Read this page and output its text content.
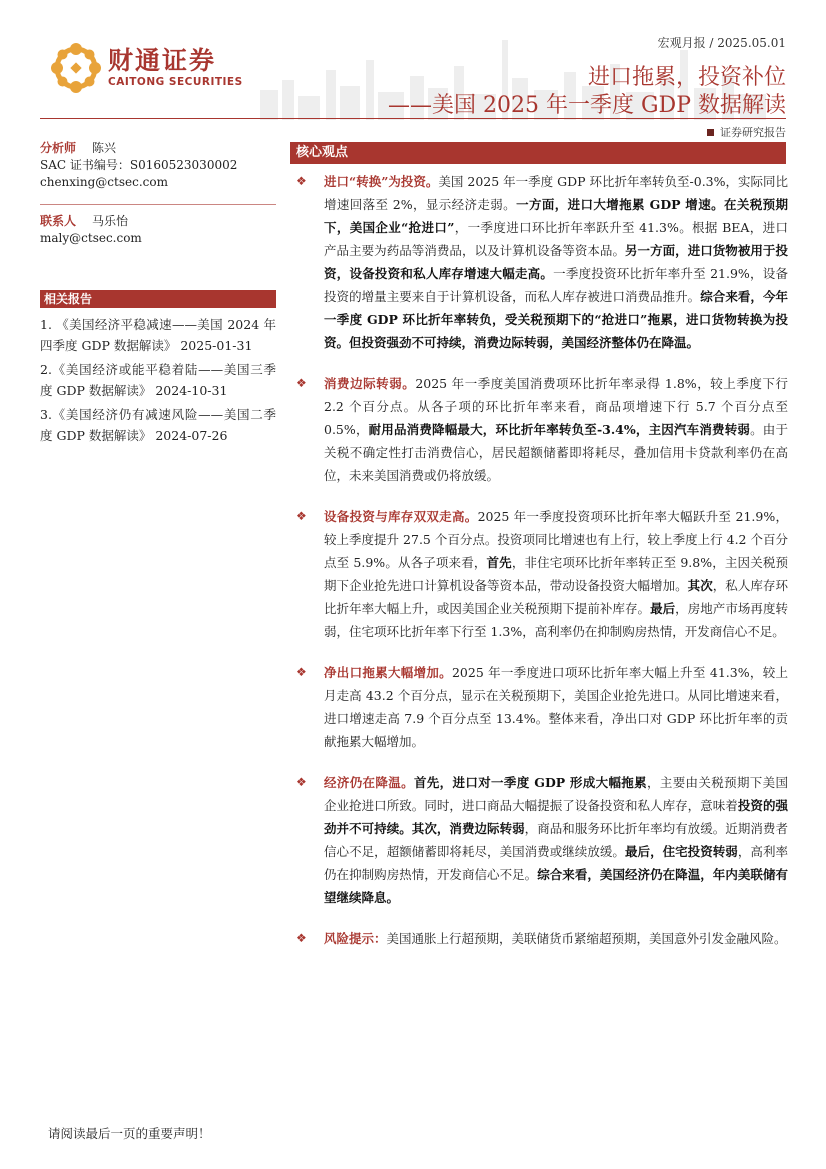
财通证券
CAITONG SECURITIES
宏观月报 / 2025.05.01
进口拖累，投资补位
——美国 2025 年一季度 GDP 数据解读
证券研究报告
分析师	陈兴
SAC 证书编号：S0160523030002
chenxing@ctsec.com
联系人	马乐怡
maly@ctsec.com
相关报告
1. 《美国经济平稳减速——美国 2024 年四季度 GDP 数据解读》 2025-01-31
2.《美国经济或能平稳着陆——美国三季度 GDP 数据解读》 2024-10-31
3.《美国经济仍有减速风险——美国二季度 GDP 数据解读》 2024-07-26
核心观点
❖	进口“转换”为投资。美国 2025 年一季度 GDP 环比折年率转负至-0.3%，实际同比增速回落至 2%，显示经济走弱。一方面，进口大增拖累 GDP 增速。在关税预期下，美国企业“抢进口”，一季度进口环比折年率跃升至 41.3%。根据 BEA，进口产品主要为药品等消费品，以及计算机设备等资本品。另一方面，进口货物被用于投资，设备投资和私人库存增速大幅走高。一季度投资环比折年率升至 21.9%，设备投资的增量主要来自于计算机设备，而私人库存被进口消费品推升。综合来看，今年一季度 GDP 环比折年率转负，受关税预期下的“抢进口”拖累，进口货物转换为投资。但投资强劲不可持续，消费边际转弱，美国经济整体仍在降温。
❖	消费边际转弱。2025 年一季度美国消费项环比折年率录得 1.8%，较上季度下行 2.2 个百分点。从各子项的环比折年率来看，商品项增速下行 5.7 个百分点至 0.5%，耐用品消费降幅最大，环比折年率转负至-3.4%，主因汽车消费转弱。由于关税不确定性打击消费信心，居民超额储蓄即将耗尽，叠加信用卡贷款利率仍在高位，未来美国消费或仍将放缓。
❖	设备投资与库存双双走高。2025 年一季度投资项环比折年率大幅跃升至 21.9%，较上季度提升 27.5 个百分点。投资项同比增速也有上行，较上季度上行 4.2 个百分点至 5.9%。从各子项来看，首先，非住宅项环比折年率转正至 9.8%，主因关税预期下企业抢先进口计算机设备等资本品，带动设备投资大幅增加。其次，私人库存环比折年率大幅上升，或因美国企业关税预期下提前补库存。最后，房地产市场再度转弱，住宅项环比折年率下行至 1.3%，高利率仍在抑制购房热情，开发商信心不足。
❖	净出口拖累大幅增加。2025 年一季度进口项环比折年率大幅上升至 41.3%，较上月走高 43.2 个百分点，显示在关税预期下，美国企业抢先进口。从同比增速来看，进口增速走高 7.9 个百分点至 13.4%。整体来看，净出口对 GDP 环比折年率的贡献拖累大幅增加。
❖	经济仍在降温。首先，进口对一季度 GDP 形成大幅拖累，主要由关税预期下美国企业抢进口所致。同时，进口商品大幅提振了设备投资和私人库存，意味着投资的强劲并不可持续。其次，消费边际转弱，商品和服务环比折年率均有放缓。近期消费者信心不足，超额储蓄即将耗尽，美国消费或继续放缓。最后，住宅投资转弱，高利率仍在抑制购房热情，开发商信心不足。综合来看，美国经济仍在降温，年内美联储有望继续降息。
❖	风险提示：美国通胀上行超预期，美联储货币紧缩超预期，美国意外引发金融风险。
请阅读最后一页的重要声明！
